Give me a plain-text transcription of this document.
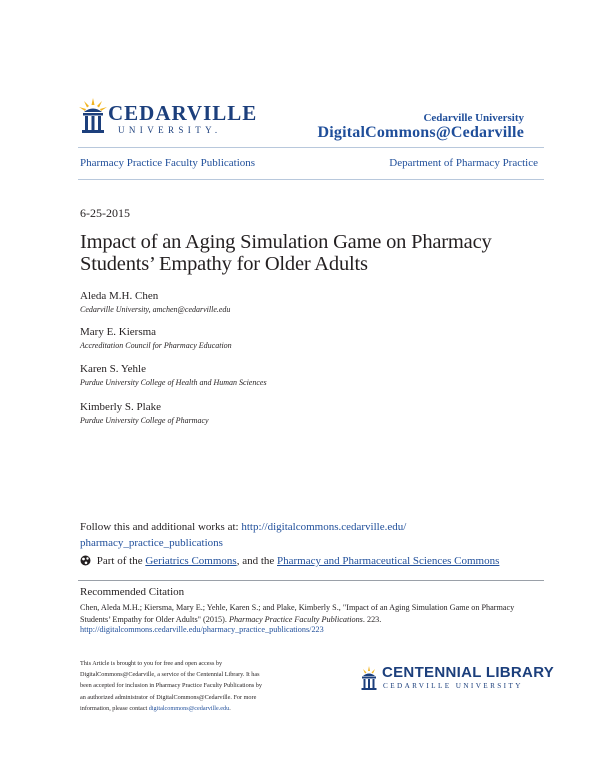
CEDARVILLE
UNIVERSITY.
Cedarville University
DigitalCommons@Cedarville
Pharmacy Practice Faculty Publications	Department of Pharmacy Practice
6-25-2015
Impact of an Aging Simulation Game on Pharmacy
Students’ Empathy for Older Adults
Aleda M.H. Chen
Cedarville University, amchen@cedarville.edu
Mary E. Kiersma
Accreditation Council for Pharmacy Education
Karen S. Yehle
Purdue University College of Health and Human Sciences
Kimberly S. Plake
Purdue University College of Pharmacy
Follow this and additional works at: http://digitalcommons.cedarville.edu/
pharmacy_practice_publications
Part of the Geriatrics Commons, and the Pharmacy and Pharmaceutical Sciences Commons
Recommended Citation
Chen, Aleda M.H.; Kiersma, Mary E.; Yehle, Karen S.; and Plake, Kimberly S., "Impact of an Aging Simulation Game on Pharmacy
Students’ Empathy for Older Adults" (2015). Pharmacy Practice Faculty Publications. 223.
http://digitalcommons.cedarville.edu/pharmacy_practice_publications/223
This Article is brought to you for free and open access by
DigitalCommons@Cedarville, a service of the Centennial Library. It has
been accepted for inclusion in Pharmacy Practice Faculty Publications by
an authorized administrator of DigitalCommons@Cedarville. For more
information, please contact digitalcommons@cedarville.edu.
CENTENNIAL LIBRARY
CEDARVILLE UNIVERSITY
